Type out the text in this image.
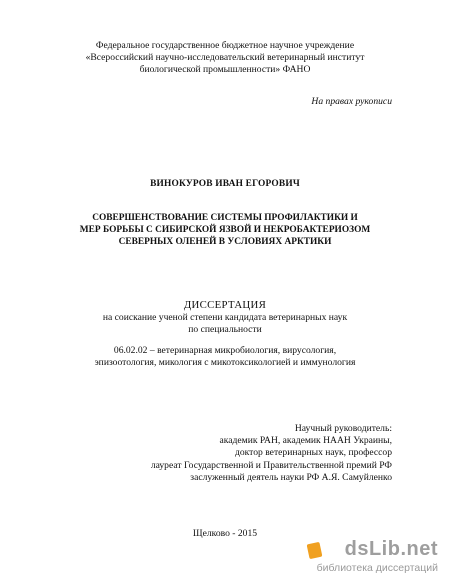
Федеральное государственное бюджетное научное учреждение
«Всероссийский научно-исследовательский ветеринарный институт
биологической промышленности» ФАНО
На правах рукописи
ВИНОКУРОВ ИВАН ЕГОРОВИЧ
СОВЕРШЕНСТВОВАНИЕ СИСТЕМЫ ПРОФИЛАКТИКИ И
МЕР БОРЬБЫ С СИБИРСКОЙ ЯЗВОЙ И НЕКРОБАКТЕРИОЗОМ
СЕВЕРНЫХ ОЛЕНЕЙ В УСЛОВИЯХ АРКТИКИ
ДИССЕРТАЦИЯ
на соискание ученой степени кандидата ветеринарных наук
по специальности
06.02.02 – ветеринарная микробиология, вирусология,
эпизоотология, микология с микотоксикологией и иммунология
Научный руководитель:
академик РАН, академик НААН Украины,
доктор ветеринарных наук, профессор
лауреат Государственной и Правительственной премий РФ
заслуженный деятель науки РФ А.Я. Самуйленко
Щелково - 2015
dsLib.net
библиотека диссертаций
